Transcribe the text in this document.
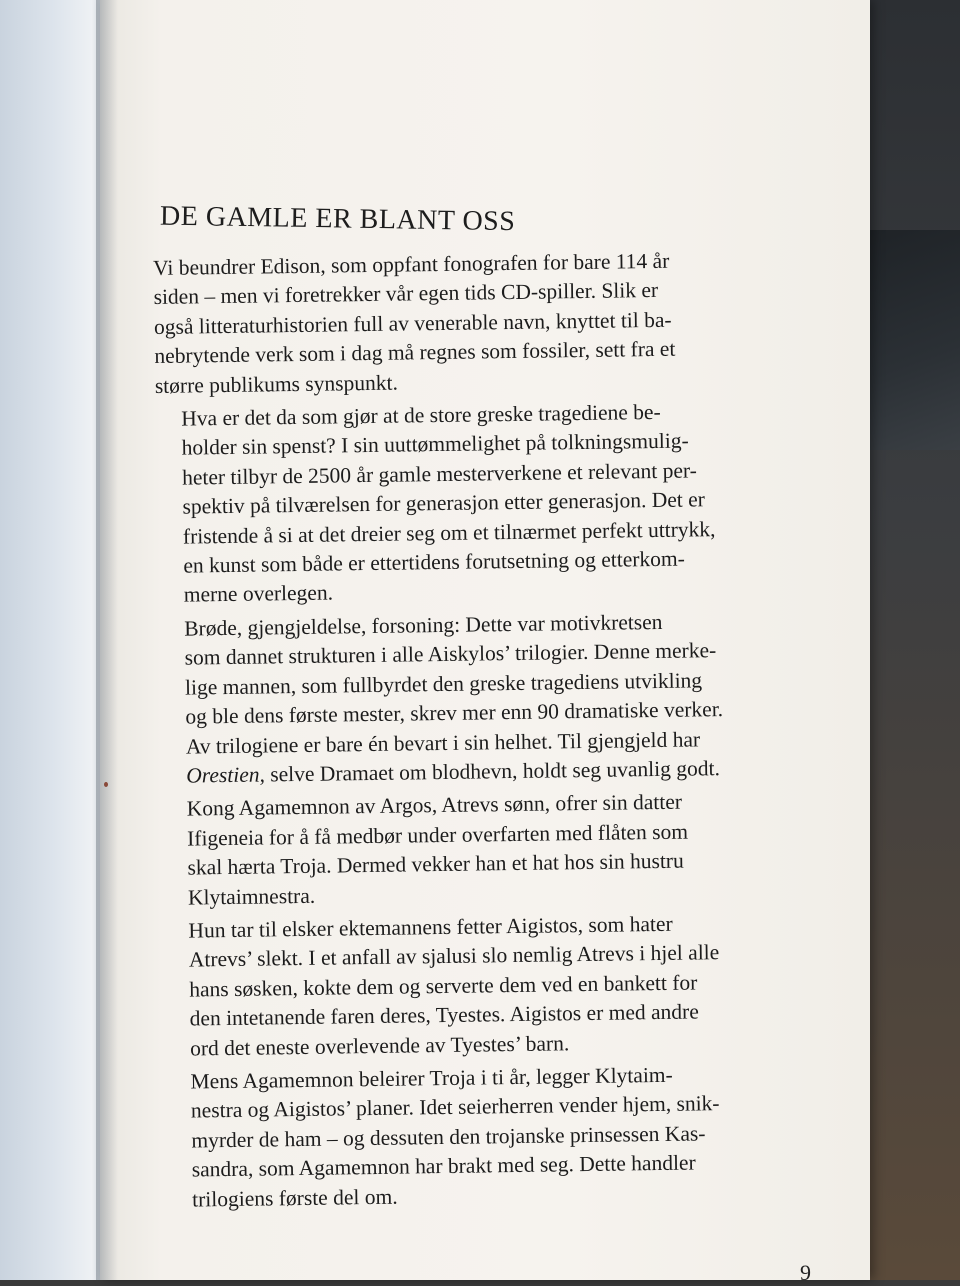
DE GAMLE ER BLANT OSS
Vi beundrer Edison, som oppfant fonografen for bare 114 år
siden – men vi foretrekker vår egen tids CD-spiller. Slik er
også litteraturhistorien full av venerable navn, knyttet til ba-
nebrytende verk som i dag må regnes som fossiler, sett fra et
større publikums synspunkt.
Hva er det da som gjør at de store greske tragediene be-
holder sin spenst? I sin uuttømmelighet på tolkningsmulig-
heter tilbyr de 2500 år gamle mesterverkene et relevant per-
spektiv på tilværelsen for generasjon etter generasjon. Det er
fristende å si at det dreier seg om et tilnærmet perfekt uttrykk,
en kunst som både er ettertidens forutsetning og etterkom-
merne overlegen.
Brøde, gjengjeldelse, forsoning: Dette var motivkretsen
som dannet strukturen i alle Aiskylos’ trilogier. Denne merke-
lige mannen, som fullbyrdet den greske tragediens utvikling
og ble dens første mester, skrev mer enn 90 dramatiske verker.
Av trilogiene er bare én bevart i sin helhet. Til gjengjeld har
Orestien, selve Dramaet om blodhevn, holdt seg uvanlig godt.
Kong Agamemnon av Argos, Atrevs sønn, ofrer sin datter
Ifigeneia for å få medbør under overfarten med flåten som
skal hærta Troja. Dermed vekker han et hat hos sin hustru
Klytaimnestra.
Hun tar til elsker ektemannens fetter Aigistos, som hater
Atrevs’ slekt. I et anfall av sjalusi slo nemlig Atrevs i hjel alle
hans søsken, kokte dem og serverte dem ved en bankett for
den intetanende faren deres, Tyestes. Aigistos er med andre
ord det eneste overlevende av Tyestes’ barn.
Mens Agamemnon beleirer Troja i ti år, legger Klytaim-
nestra og Aigistos’ planer. Idet seierherren vender hjem, snik-
myrder de ham – og dessuten den trojanske prinsessen Kas-
sandra, som Agamemnon har brakt med seg. Dette handler
trilogiens første del om.
9
